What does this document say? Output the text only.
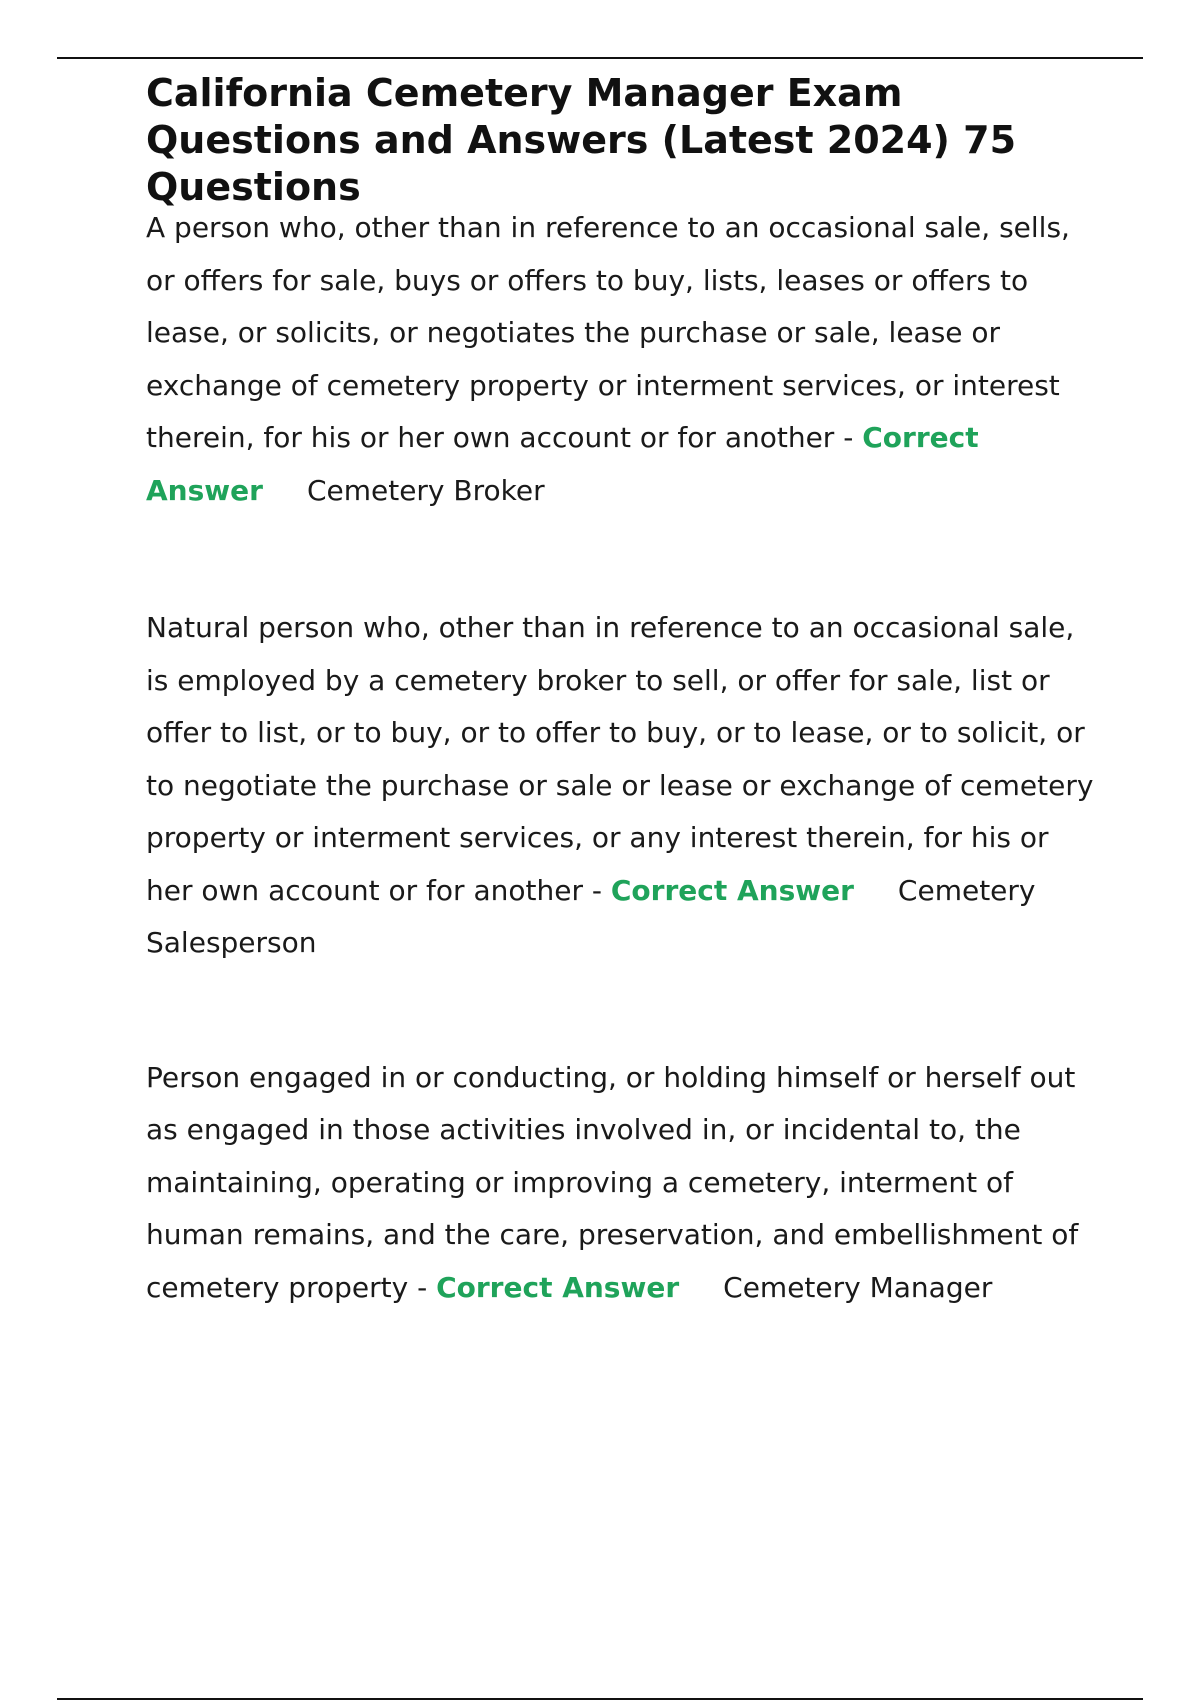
California Cemetery Manager Exam Questions and Answers (Latest 2024) 75 Questions

A person who, other than in reference to an occasional sale, sells, or offers for sale, buys or offers to buy, lists, leases or offers to lease, or solicits, or negotiates the purchase or sale, lease or exchange of cemetery property or interment services, or interest therein, for his or her own account or for another - Correct Answer Cemetery Broker

Natural person who, other than in reference to an occasional sale, is employed by a cemetery broker to sell, or offer for sale, list or offer to list, or to buy, or to offer to buy, or to lease, or to solicit, or to negotiate the purchase or sale or lease or exchange of cemetery property or interment services, or any interest therein, for his or her own account or for another - Correct Answer Cemetery Salesperson

Person engaged in or conducting, or holding himself or herself out as engaged in those activities involved in, or incidental to, the maintaining, operating or improving a cemetery, interment of human remains, and the care, preservation, and embellishment of cemetery property - Correct Answer Cemetery Manager
